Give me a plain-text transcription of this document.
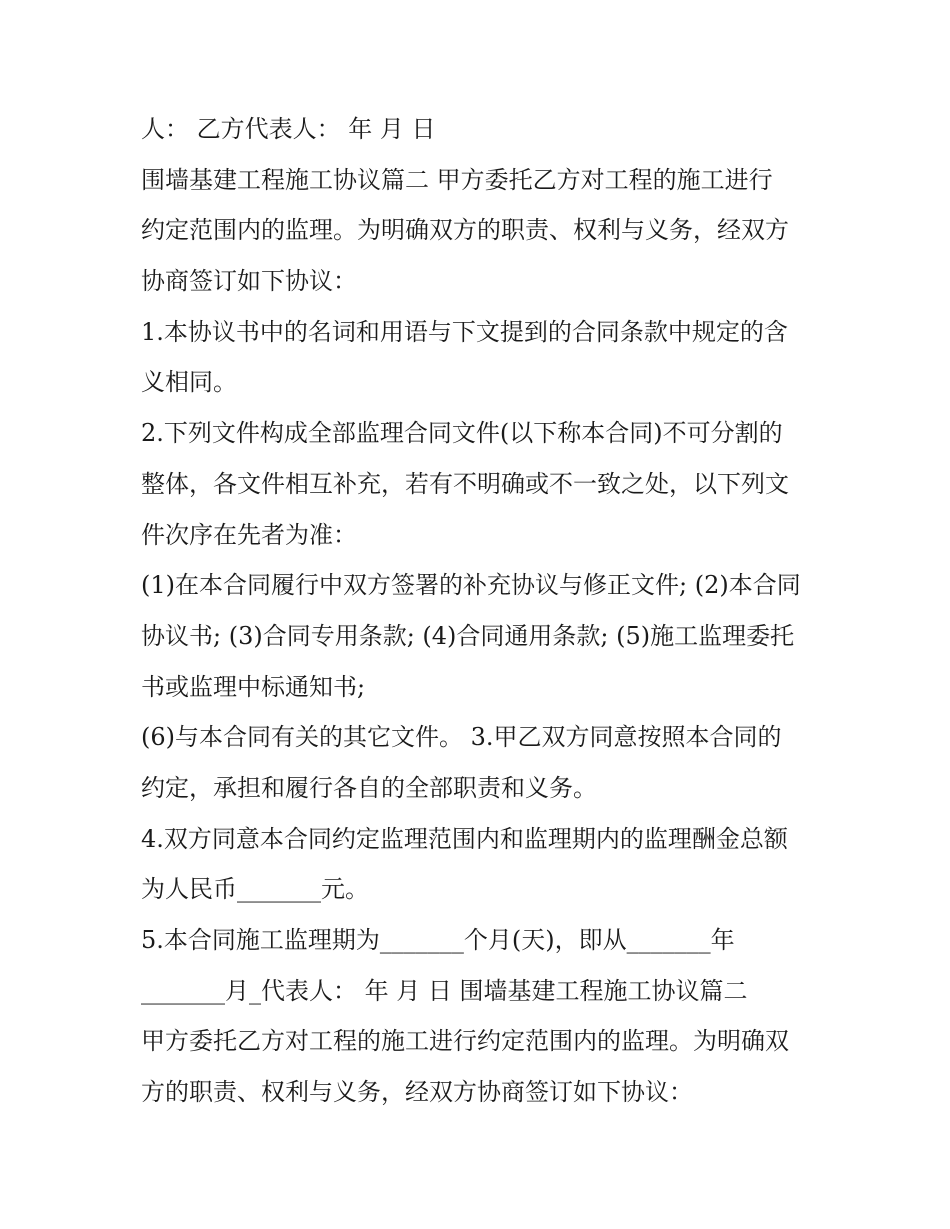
人： 乙方代表人： 年 月 日
围墙基建工程施工协议篇二 甲方委托乙方对工程的施工进行
约定范围内的监理。为明确双方的职责、权利与义务，经双方
协商签订如下协议：
1.本协议书中的名词和用语与下文提到的合同条款中规定的含
义相同。
2.下列文件构成全部监理合同文件(以下称本合同)不可分割的
整体，各文件相互补充，若有不明确或不一致之处，以下列文
件次序在先者为准：
(1)在本合同履行中双方签署的补充协议与修正文件; (2)本合同
协议书; (3)合同专用条款; (4)合同通用条款; (5)施工监理委托
书或监理中标通知书;
(6)与本合同有关的其它文件。 3.甲乙双方同意按照本合同的
约定，承担和履行各自的全部职责和义务。
4.双方同意本合同约定监理范围内和监理期内的监理酬金总额
为人民币_______元。
5.本合同施工监理期为_______个月(天)，即从_______年
_______月_代表人： 年 月 日 围墙基建工程施工协议篇二
甲方委托乙方对工程的施工进行约定范围内的监理。为明确双
方的职责、权利与义务，经双方协商签订如下协议：
